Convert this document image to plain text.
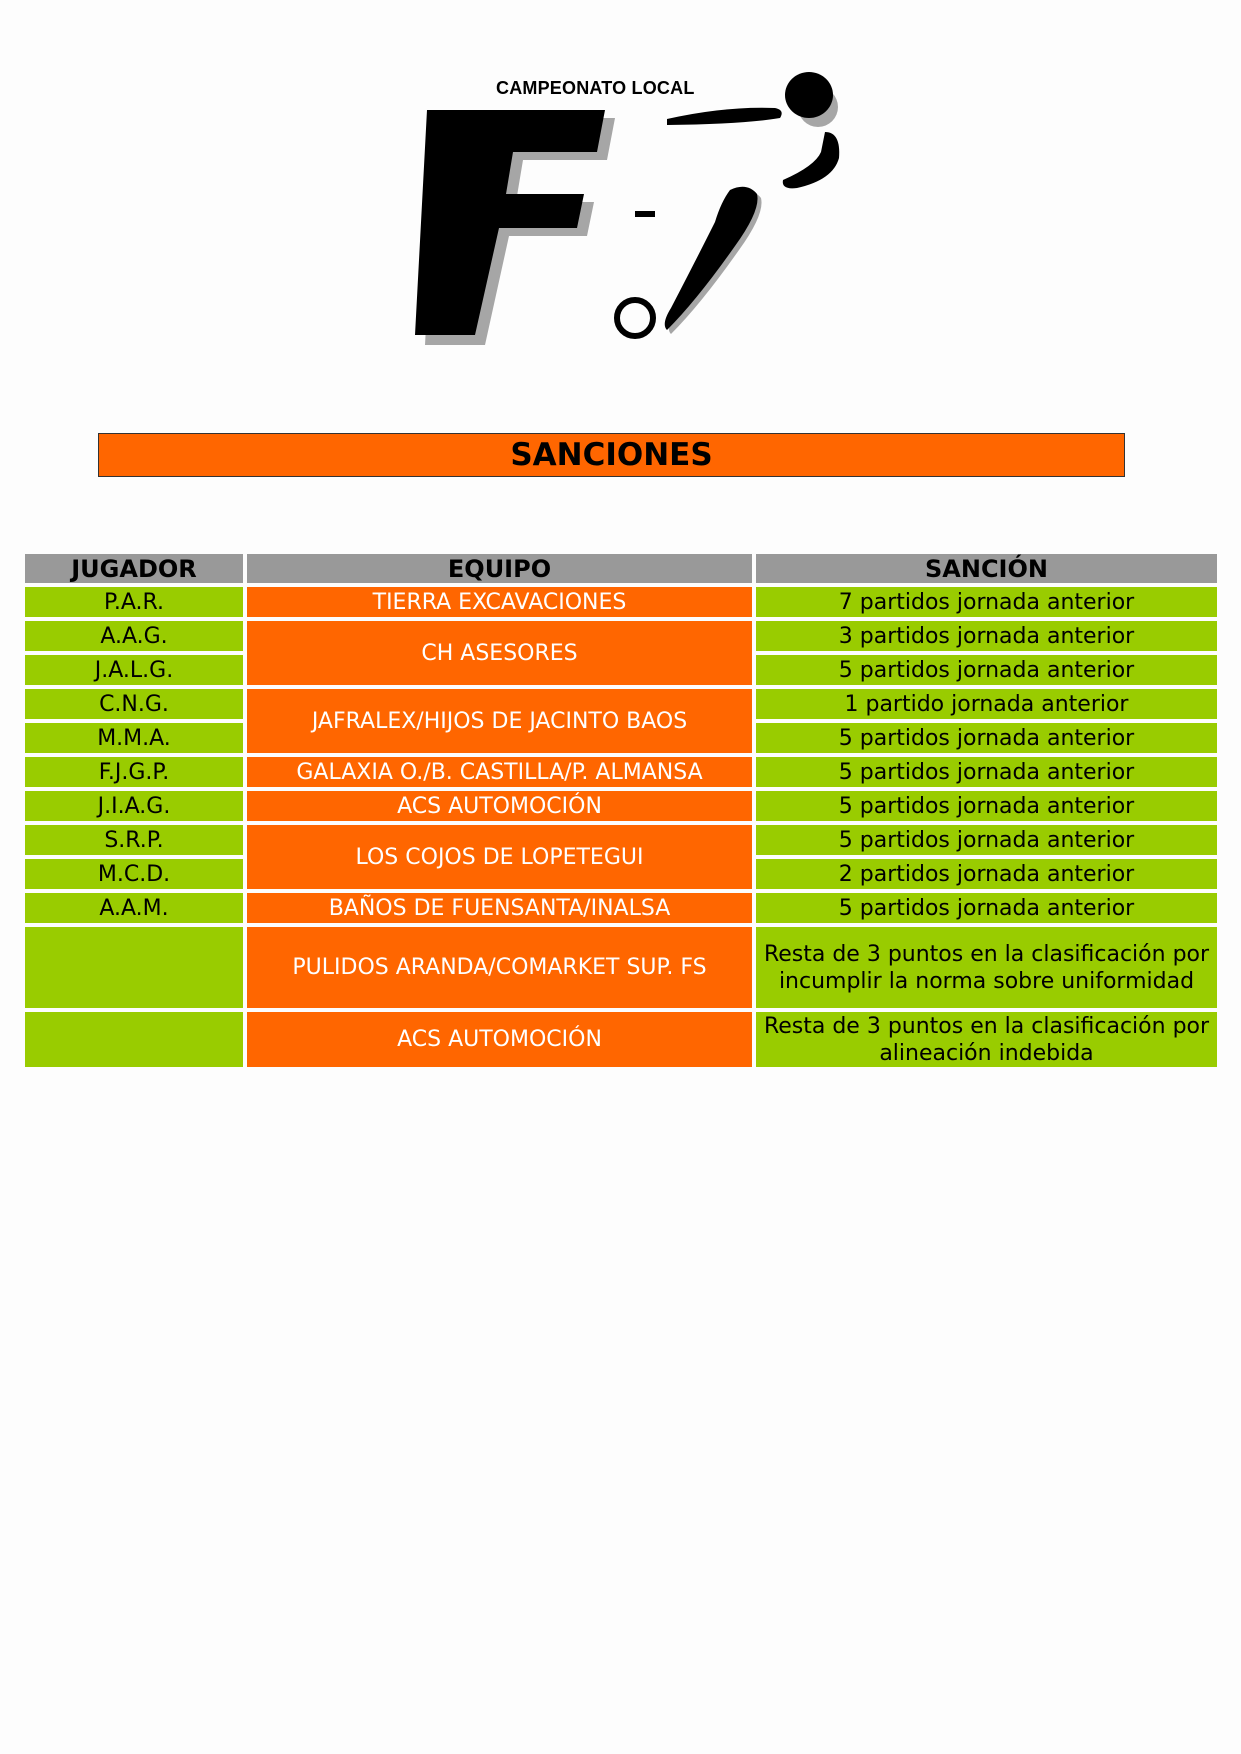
CAMPEONATO LOCAL
SANCIONES
JUGADOR	EQUIPO	SANCIÓN
P.A.R.	TIERRA EXCAVACIONES	7 partidos jornada anterior
A.A.G.	CH ASESORES	3 partidos jornada anterior
J.A.L.G.		5 partidos jornada anterior
C.N.G.	JAFRALEX/HIJOS DE JACINTO BAOS	1 partido jornada anterior
M.M.A.		5 partidos jornada anterior
F.J.G.P.	GALAXIA O./B. CASTILLA/P. ALMANSA	5 partidos jornada anterior
J.I.A.G.	ACS AUTOMOCIÓN	5 partidos jornada anterior
S.R.P.	LOS COJOS DE LOPETEGUI	5 partidos jornada anterior
M.C.D.		2 partidos jornada anterior
A.A.M.	BAÑOS DE FUENSANTA/INALSA	5 partidos jornada anterior
	PULIDOS ARANDA/COMARKET SUP. FS	Resta de 3 puntos en la clasificación por incumplir la norma sobre uniformidad
	ACS AUTOMOCIÓN	Resta de 3 puntos en la clasificación por alineación indebida
